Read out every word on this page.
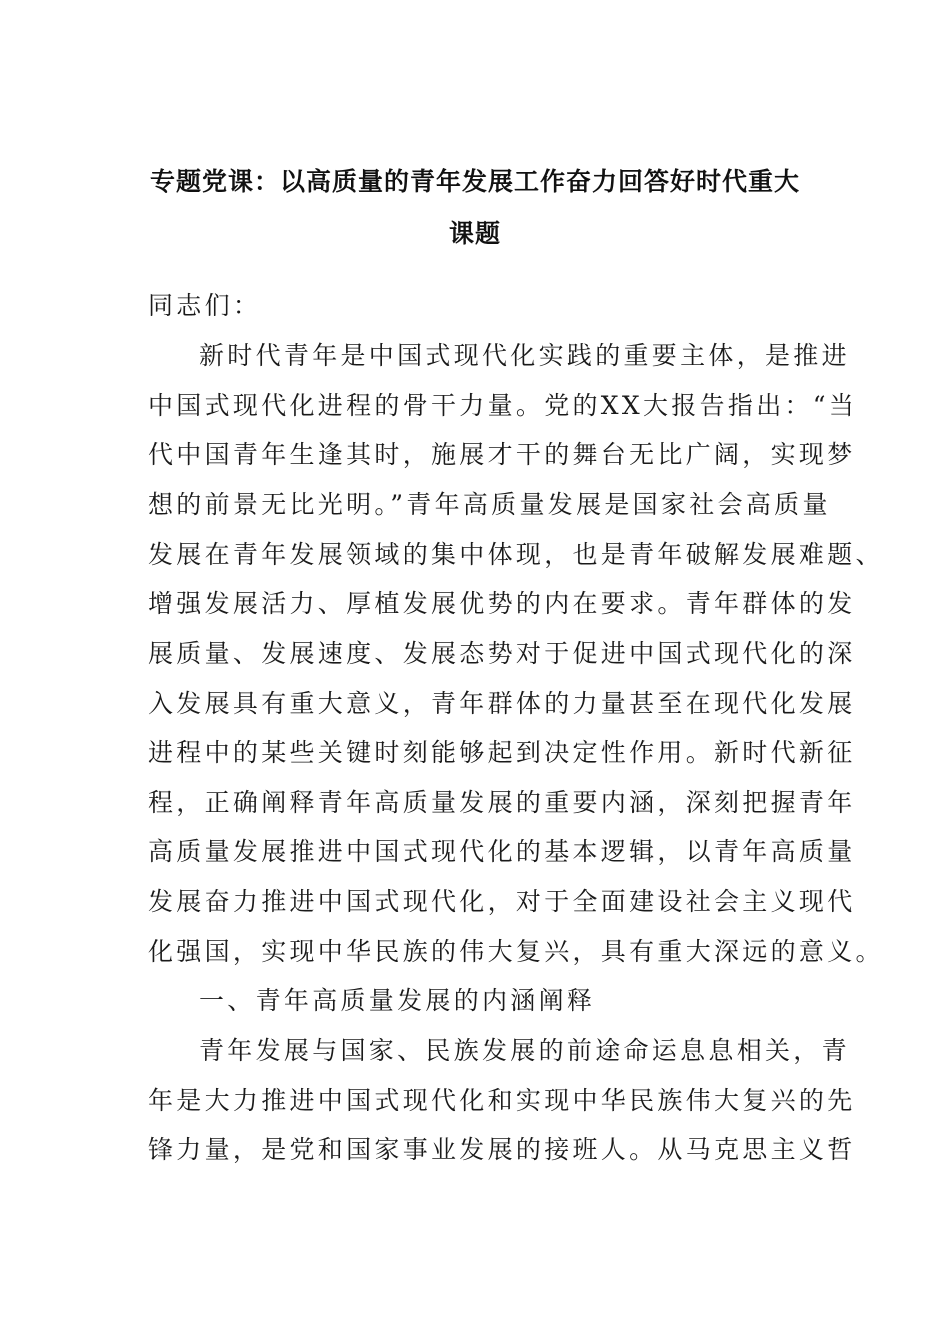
专题党课：以高质量的青年发展工作奋力回答好时代重大
课题

同志们：

新时代青年是中国式现代化实践的重要主体，是推进

中国式现代化进程的骨干力量。党的XX大报告指出：“当

代中国青年生逢其时，施展才干的舞台无比广阔，实现梦

想的前景无比光明。”青年高质量发展是国家社会高质量

发展在青年发展领域的集中体现，也是青年破解发展难题、

增强发展活力、厚植发展优势的内在要求。青年群体的发

展质量、发展速度、发展态势对于促进中国式现代化的深

入发展具有重大意义，青年群体的力量甚至在现代化发展

进程中的某些关键时刻能够起到决定性作用。新时代新征

程，正确阐释青年高质量发展的重要内涵，深刻把握青年

高质量发展推进中国式现代化的基本逻辑，以青年高质量

发展奋力推进中国式现代化，对于全面建设社会主义现代

化强国，实现中华民族的伟大复兴，具有重大深远的意义。

一、青年高质量发展的内涵阐释

青年发展与国家、民族发展的前途命运息息相关，青

年是大力推进中国式现代化和实现中华民族伟大复兴的先

锋力量，是党和国家事业发展的接班人。从马克思主义哲
